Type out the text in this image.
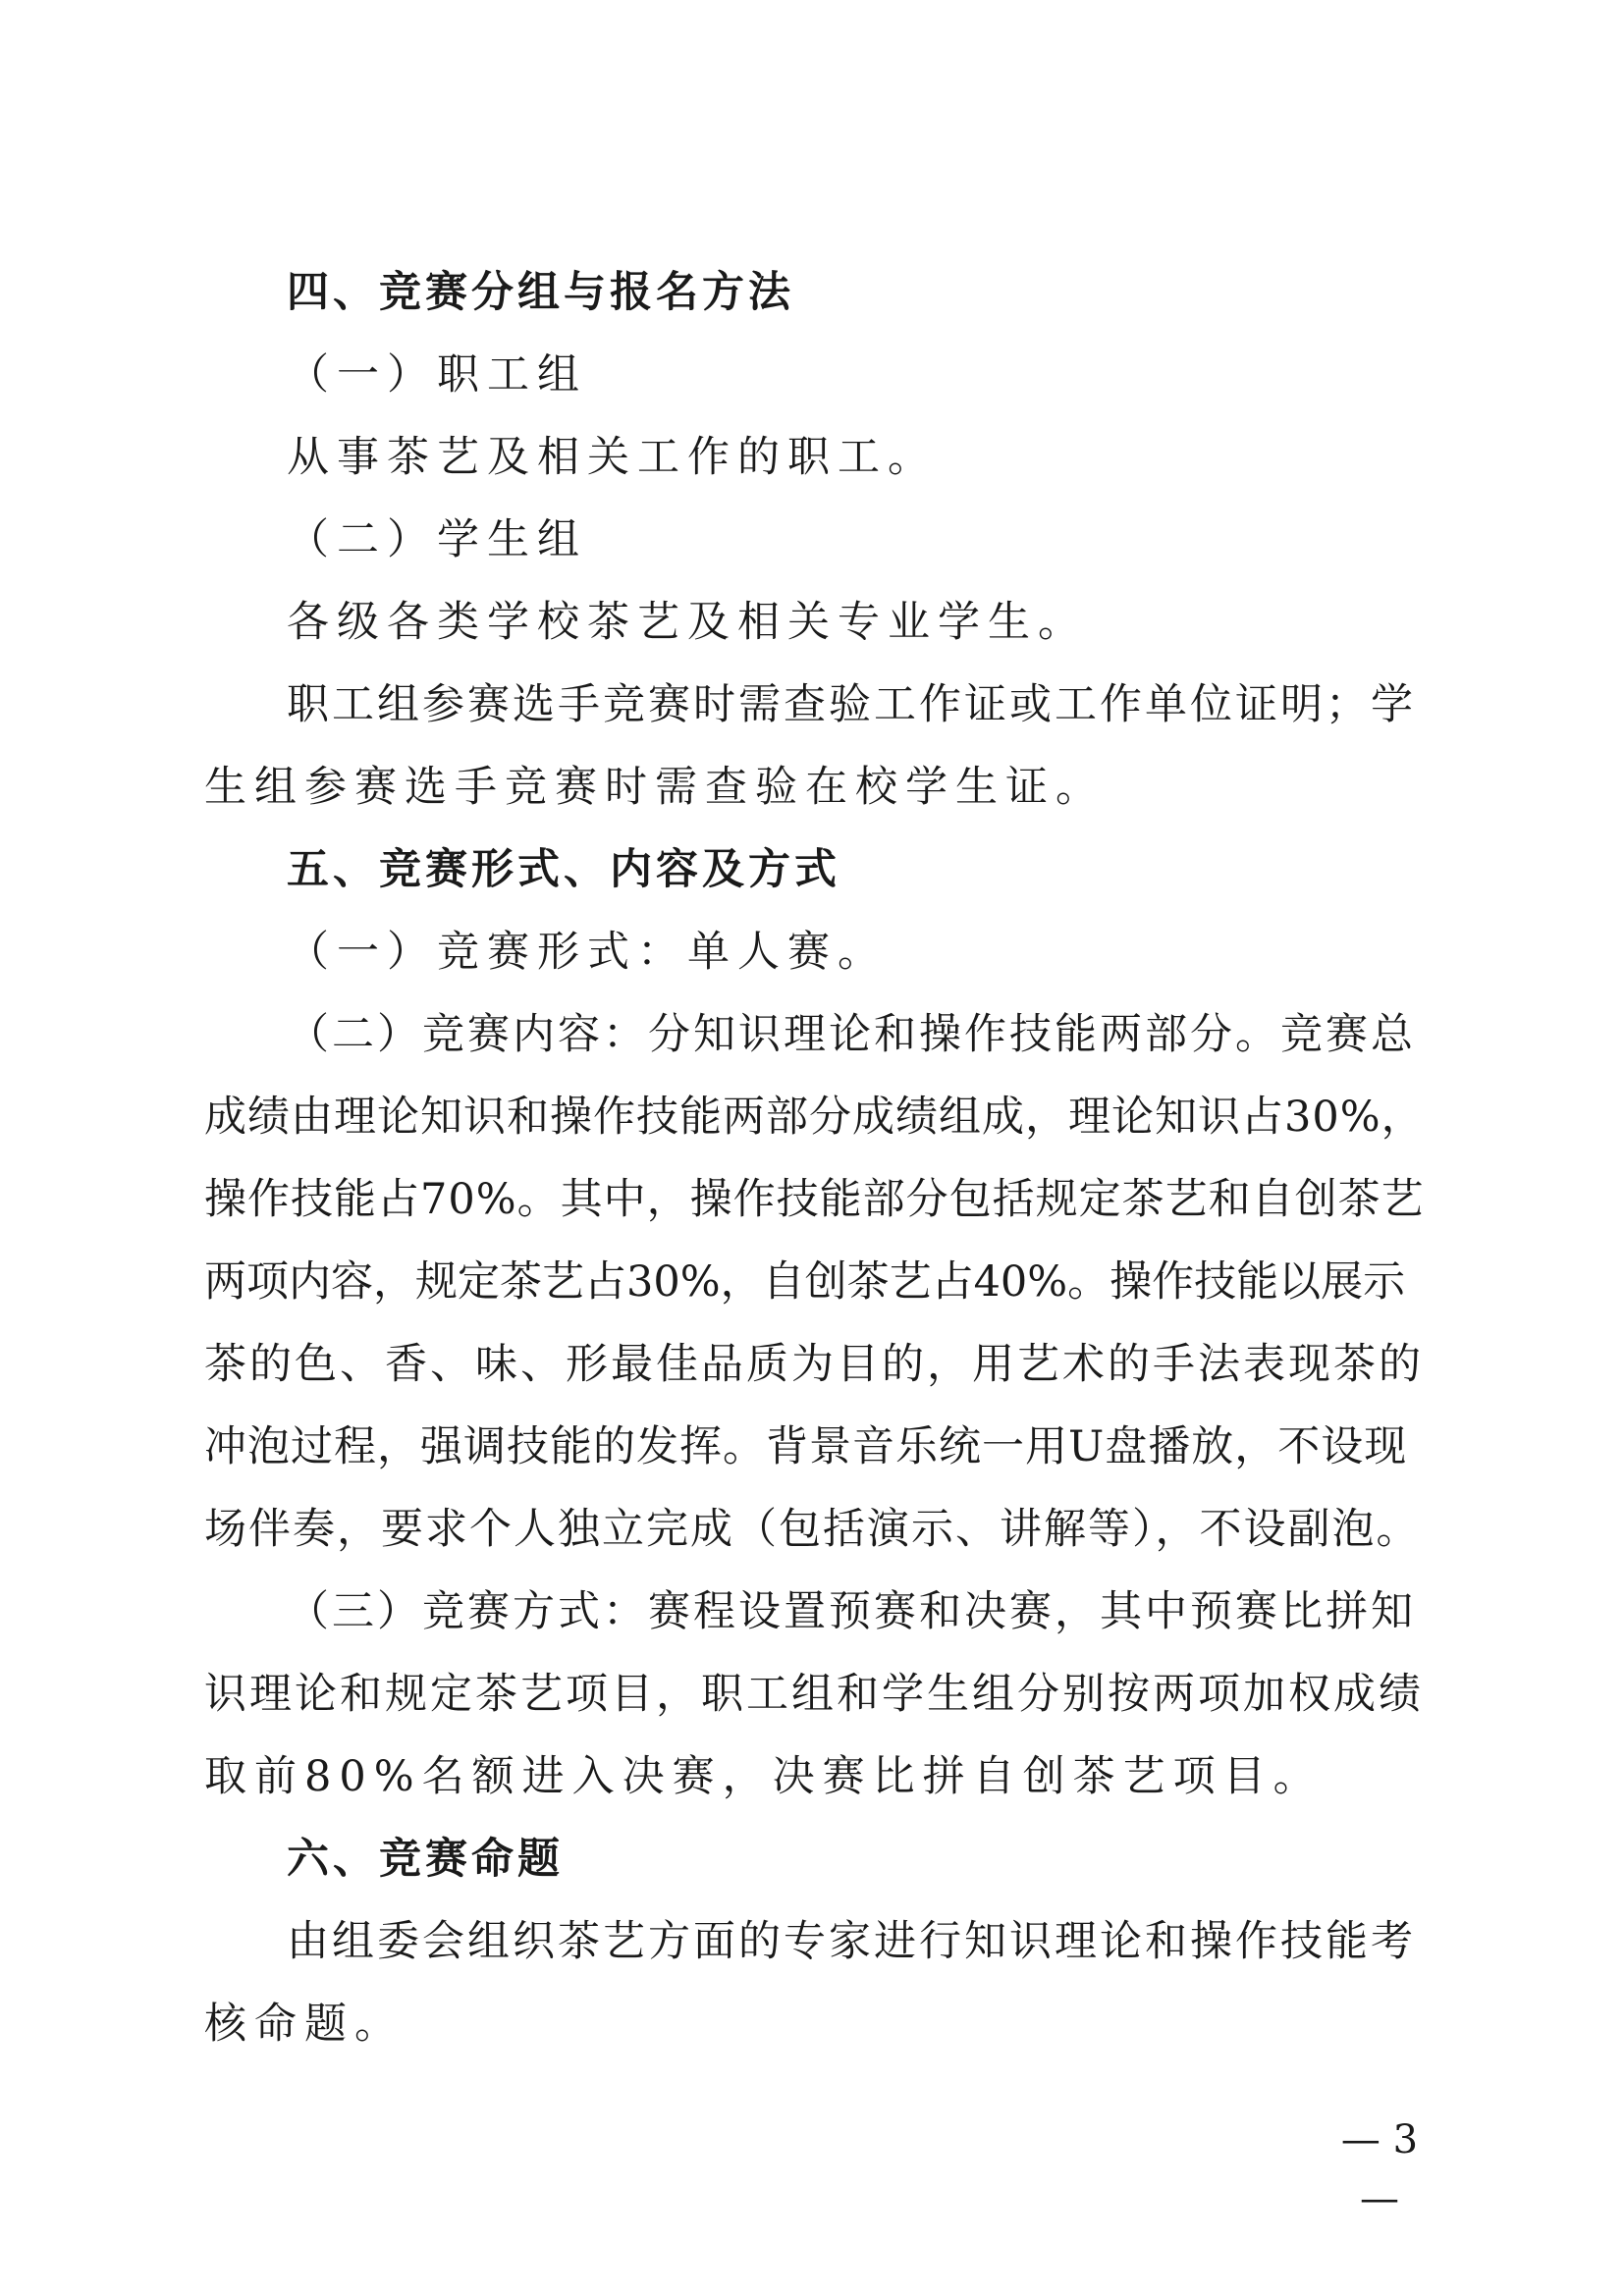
四、竞赛分组与报名方法
（一）职工组
从事茶艺及相关工作的职工。
（二）学生组
各级各类学校茶艺及相关专业学生。
职工组参赛选手竞赛时需查验工作证或工作单位证明；学
生组参赛选手竞赛时需查验在校学生证。
五、竞赛形式、内容及方式
（一）竞赛形式：单人赛。
（二）竞赛内容：分知识理论和操作技能两部分。竞赛总
成绩由理论知识和操作技能两部分成绩组成，理论知识占30%，
操作技能占70%。其中，操作技能部分包括规定茶艺和自创茶艺
两项内容，规定茶艺占30%，自创茶艺占40%。操作技能以展示
茶的色、香、味、形最佳品质为目的，用艺术的手法表现茶的
冲泡过程，强调技能的发挥。背景音乐统一用U盘播放，不设现
场伴奏，要求个人独立完成（包括演示、讲解等），不设副泡。
（三）竞赛方式：赛程设置预赛和决赛，其中预赛比拼知
识理论和规定茶艺项目，职工组和学生组分别按两项加权成绩
取前80%名额进入决赛，决赛比拼自创茶艺项目。
六、竞赛命题
由组委会组织茶艺方面的专家进行知识理论和操作技能考
核命题。
— 3 —
